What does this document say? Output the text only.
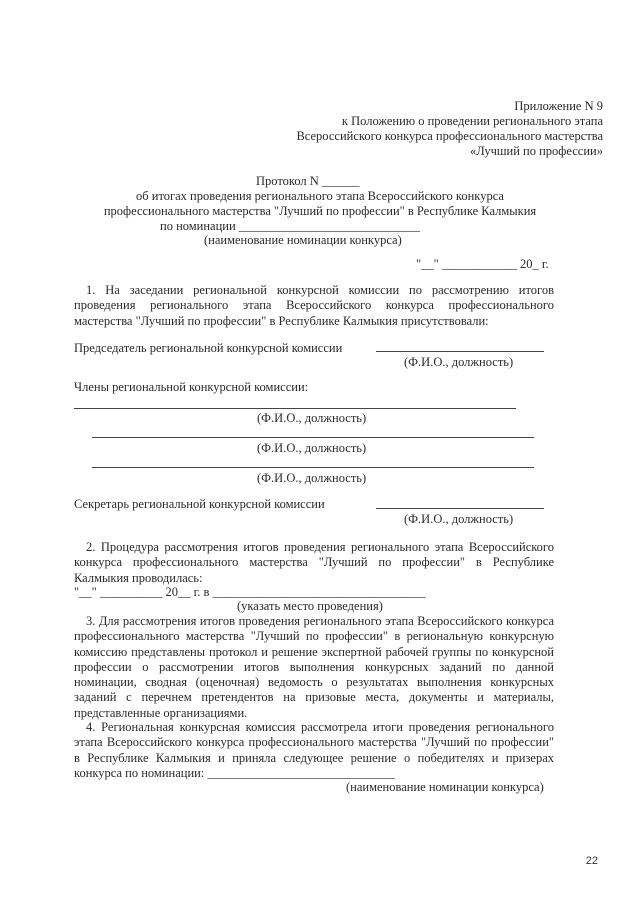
Приложение N 9
к Положению о проведении регионального этапа
Всероссийского конкурса профессионального мастерства
«Лучший по профессии»
Протокол N ______
об итогах проведения регионального этапа Всероссийского конкурса
профессионального мастерства "Лучший по профессии" в Республике Калмыкия
по номинации _____________________________
(наименование номинации конкурса)
"__" ____________ 20_ г.
1. На заседании региональной конкурсной комиссии по рассмотрению итогов проведения регионального этапа Всероссийского конкурса профессионального мастерства "Лучший по профессии" в Республике Калмыкия присутствовали:
Председатель региональной конкурсной комиссии
(Ф.И.О., должность)
Члены региональной конкурсной комиссии:
(Ф.И.О., должность)
(Ф.И.О., должность)
(Ф.И.О., должность)
Секретарь региональной конкурсной комиссии
(Ф.И.О., должность)
2. Процедура рассмотрения итогов проведения регионального этапа Всероссийского конкурса профессионального мастерства "Лучший по профессии" в Республике Калмыкия проводилась:
"__" __________ 20__ г. в __________________________________
(указать место проведения)
3. Для рассмотрения итогов проведения регионального этапа Всероссийского конкурса профессионального мастерства "Лучший по профессии" в региональную конкурсную комиссию представлены протокол и решение экспертной рабочей группы по конкурсной профессии о рассмотрении итогов выполнения конкурсных заданий по данной номинации, сводная (оценочная) ведомость о результатах выполнения конкурсных заданий с перечнем претендентов на призовые места, документы и материалы, представленные организациями.
4. Региональная конкурсная комиссия рассмотрела итоги проведения регионального этапа Всероссийского конкурса профессионального мастерства "Лучший по профессии" в Республике Калмыкия и приняла следующее решение о победителях и призерах конкурса по номинации: ______________________________
(наименование номинации конкурса)
22
